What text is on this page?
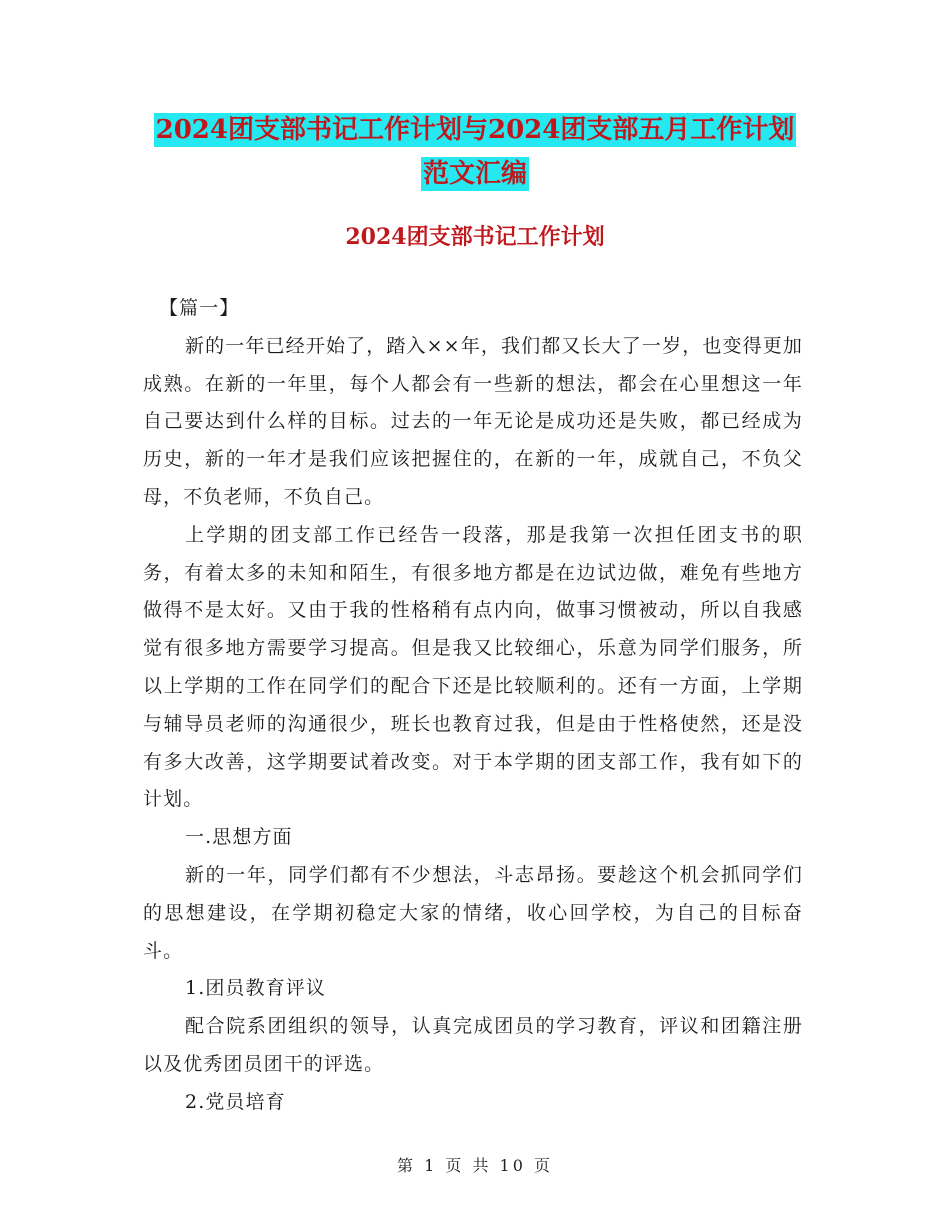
2024团支部书记工作计划与2024团支部五月工作计划
范文汇编
2024团支部书记工作计划

【篇一】

新的一年已经开始了，踏入××年，我们都又长大了一岁，也变得更加成熟。在新的一年里，每个人都会有一些新的想法，都会在心里想这一年自己要达到什么样的目标。过去的一年无论是成功还是失败，都已经成为历史，新的一年才是我们应该把握住的，在新的一年，成就自己，不负父母，不负老师，不负自己。

上学期的团支部工作已经告一段落，那是我第一次担任团支书的职务，有着太多的未知和陌生，有很多地方都是在边试边做，难免有些地方做得不是太好。又由于我的性格稍有点内向，做事习惯被动，所以自我感觉有很多地方需要学习提高。但是我又比较细心，乐意为同学们服务，所以上学期的工作在同学们的配合下还是比较顺利的。还有一方面，上学期与辅导员老师的沟通很少，班长也教育过我，但是由于性格使然，还是没有多大改善，这学期要试着改变。对于本学期的团支部工作，我有如下的计划。

一.思想方面

新的一年，同学们都有不少想法，斗志昂扬。要趁这个机会抓同学们的思想建设，在学期初稳定大家的情绪，收心回学校，为自己的目标奋斗。

1.团员教育评议

配合院系团组织的领导，认真完成团员的学习教育，评议和团籍注册以及优秀团员团干的评选。

2.党员培育

第 1 页 共 10 页
